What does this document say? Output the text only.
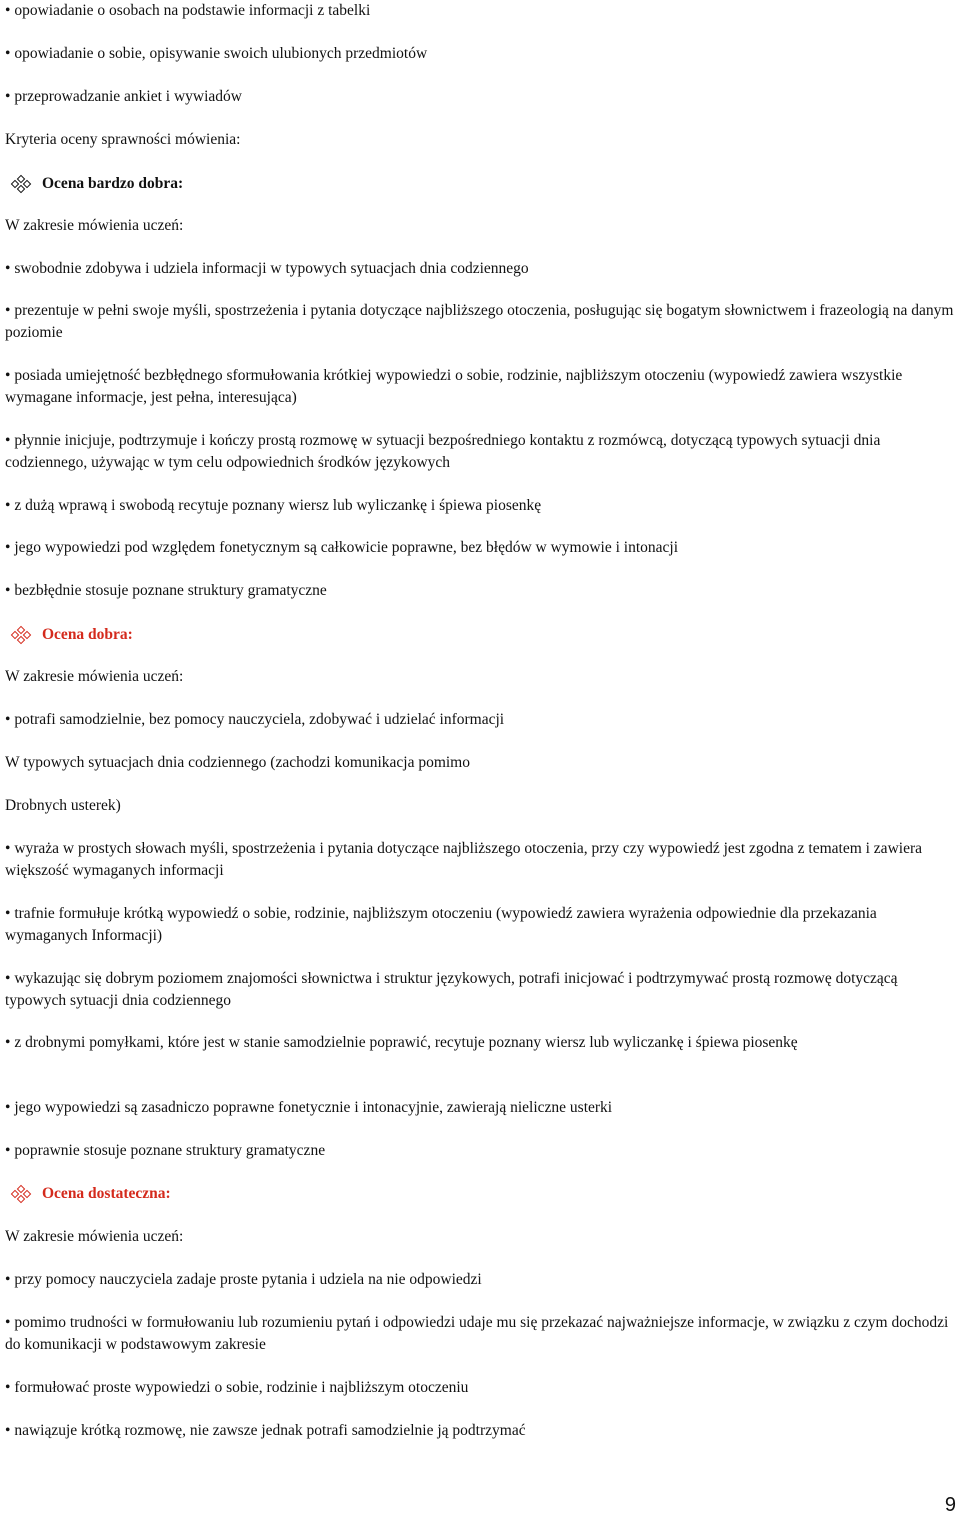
• opowiadanie o osobach na podstawie informacji z tabelki
• opowiadanie o sobie, opisywanie swoich ulubionych przedmiotów
• przeprowadzanie ankiet i wywiadów
Kryteria oceny sprawności mówienia:
Ocena bardzo dobra:
W zakresie mówienia uczeń:
• swobodnie zdobywa i udziela informacji w typowych sytuacjach dnia codziennego
• prezentuje w pełni swoje myśli, spostrzeżenia i pytania dotyczące najbliższego otoczenia, posługując się bogatym słownictwem i frazeologią na danym poziomie
• posiada umiejętność bezbłędnego sformułowania krótkiej wypowiedzi o sobie, rodzinie, najbliższym otoczeniu (wypowiedź zawiera wszystkie wymagane informacje, jest pełna, interesująca)
• płynnie inicjuje, podtrzymuje i kończy prostą rozmowę w sytuacji bezpośredniego kontaktu z rozmówcą, dotyczącą typowych sytuacji dnia codziennego, używając w tym celu odpowiednich środków językowych
• z dużą wprawą i swobodą recytuje poznany wiersz lub wyliczankę i śpiewa piosenkę
• jego wypowiedzi pod względem fonetycznym są całkowicie poprawne, bez błędów w wymowie i intonacji
• bezbłędnie stosuje poznane struktury gramatyczne
Ocena dobra:
W zakresie mówienia uczeń:
• potrafi samodzielnie, bez pomocy nauczyciela, zdobywać i udzielać informacji
W typowych sytuacjach dnia codziennego (zachodzi komunikacja pomimo
Drobnych usterek)
• wyraża w prostych słowach myśli, spostrzeżenia i pytania dotyczące najbliższego otoczenia, przy czy wypowiedź jest zgodna z tematem i zawiera większość wymaganych informacji
• trafnie formułuje krótką wypowiedź o sobie, rodzinie, najbliższym otoczeniu (wypowiedź zawiera wyrażenia odpowiednie dla przekazania wymaganych Informacji)
• wykazując się dobrym poziomem znajomości słownictwa i struktur językowych, potrafi inicjować i podtrzymywać prostą rozmowę dotyczącą typowych sytuacji dnia codziennego
• z drobnymi pomyłkami, które jest w stanie samodzielnie poprawić, recytuje poznany wiersz lub wyliczankę i śpiewa piosenkę
• jego wypowiedzi są zasadniczo poprawne fonetycznie i intonacyjnie, zawierają nieliczne usterki
• poprawnie stosuje poznane struktury gramatyczne
Ocena dostateczna:
W zakresie mówienia uczeń:
• przy pomocy nauczyciela zadaje proste pytania i udziela na nie odpowiedzi
• pomimo trudności w formułowaniu lub rozumieniu pytań i odpowiedzi udaje mu się przekazać najważniejsze informacje, w związku z czym dochodzi do komunikacji w podstawowym zakresie
• formułować proste wypowiedzi o sobie, rodzinie i najbliższym otoczeniu
• nawiązuje krótką rozmowę, nie zawsze jednak potrafi samodzielnie ją podtrzymać
9
